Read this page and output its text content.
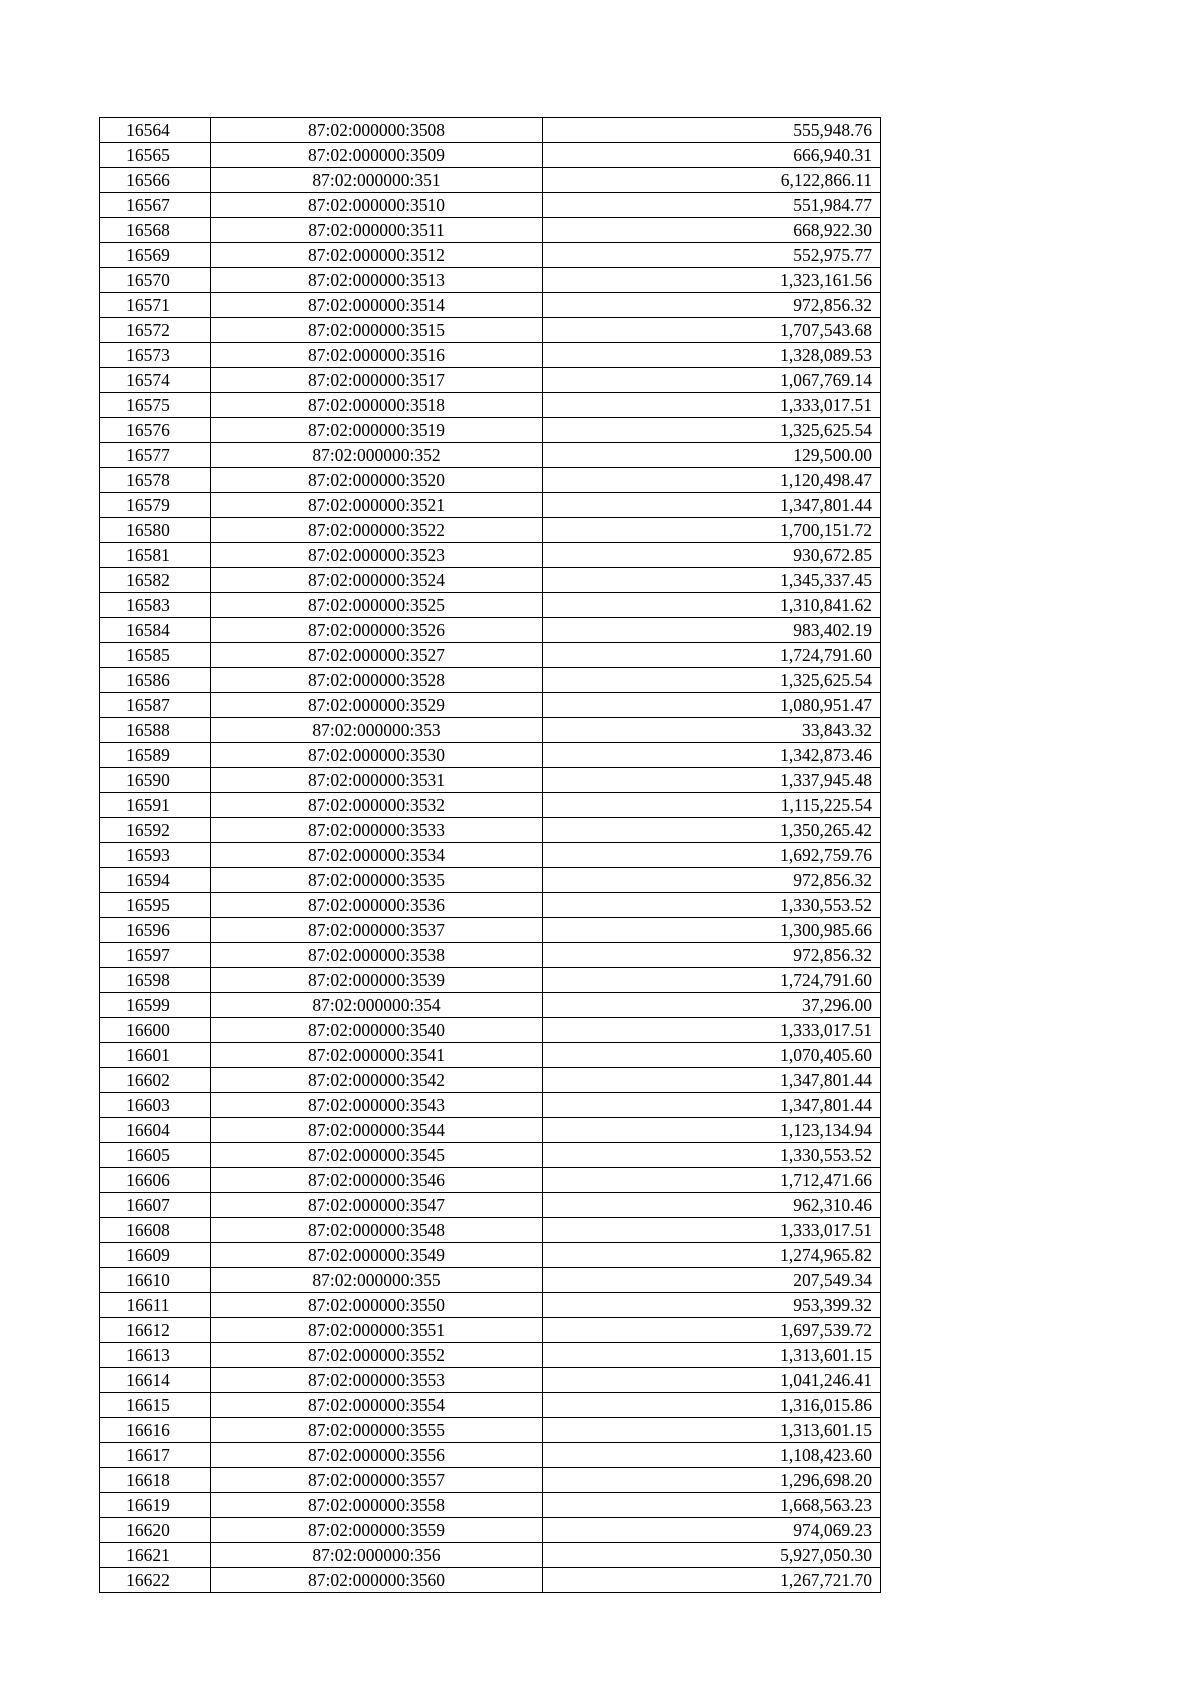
16564	87:02:000000:3508	555,948.76
16565	87:02:000000:3509	666,940.31
16566	87:02:000000:351	6,122,866.11
16567	87:02:000000:3510	551,984.77
16568	87:02:000000:3511	668,922.30
16569	87:02:000000:3512	552,975.77
16570	87:02:000000:3513	1,323,161.56
16571	87:02:000000:3514	972,856.32
16572	87:02:000000:3515	1,707,543.68
16573	87:02:000000:3516	1,328,089.53
16574	87:02:000000:3517	1,067,769.14
16575	87:02:000000:3518	1,333,017.51
16576	87:02:000000:3519	1,325,625.54
16577	87:02:000000:352	129,500.00
16578	87:02:000000:3520	1,120,498.47
16579	87:02:000000:3521	1,347,801.44
16580	87:02:000000:3522	1,700,151.72
16581	87:02:000000:3523	930,672.85
16582	87:02:000000:3524	1,345,337.45
16583	87:02:000000:3525	1,310,841.62
16584	87:02:000000:3526	983,402.19
16585	87:02:000000:3527	1,724,791.60
16586	87:02:000000:3528	1,325,625.54
16587	87:02:000000:3529	1,080,951.47
16588	87:02:000000:353	33,843.32
16589	87:02:000000:3530	1,342,873.46
16590	87:02:000000:3531	1,337,945.48
16591	87:02:000000:3532	1,115,225.54
16592	87:02:000000:3533	1,350,265.42
16593	87:02:000000:3534	1,692,759.76
16594	87:02:000000:3535	972,856.32
16595	87:02:000000:3536	1,330,553.52
16596	87:02:000000:3537	1,300,985.66
16597	87:02:000000:3538	972,856.32
16598	87:02:000000:3539	1,724,791.60
16599	87:02:000000:354	37,296.00
16600	87:02:000000:3540	1,333,017.51
16601	87:02:000000:3541	1,070,405.60
16602	87:02:000000:3542	1,347,801.44
16603	87:02:000000:3543	1,347,801.44
16604	87:02:000000:3544	1,123,134.94
16605	87:02:000000:3545	1,330,553.52
16606	87:02:000000:3546	1,712,471.66
16607	87:02:000000:3547	962,310.46
16608	87:02:000000:3548	1,333,017.51
16609	87:02:000000:3549	1,274,965.82
16610	87:02:000000:355	207,549.34
16611	87:02:000000:3550	953,399.32
16612	87:02:000000:3551	1,697,539.72
16613	87:02:000000:3552	1,313,601.15
16614	87:02:000000:3553	1,041,246.41
16615	87:02:000000:3554	1,316,015.86
16616	87:02:000000:3555	1,313,601.15
16617	87:02:000000:3556	1,108,423.60
16618	87:02:000000:3557	1,296,698.20
16619	87:02:000000:3558	1,668,563.23
16620	87:02:000000:3559	974,069.23
16621	87:02:000000:356	5,927,050.30
16622	87:02:000000:3560	1,267,721.70
